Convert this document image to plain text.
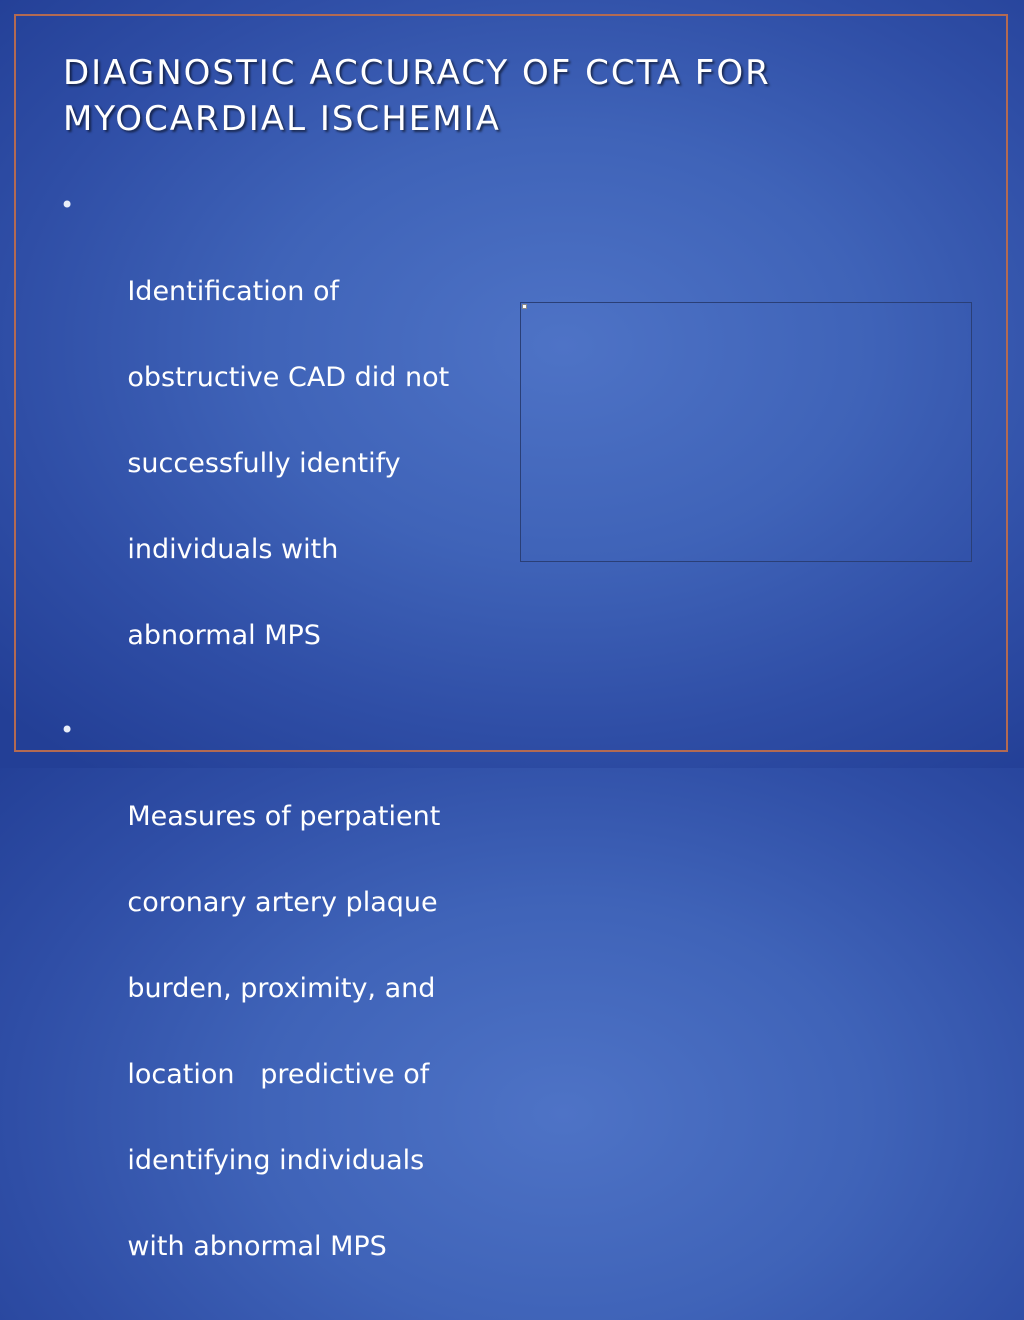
DIAGNOSTIC ACCURACY OF CCTA FOR
MYOCARDIAL ISCHEMIA

•

Identification of

obstructive CAD did not

successfully identify

individuals with

abnormal MPS

•

Measures of perpatient

coronary artery plaque

burden, proximity, and

location   predictive of

identifying individuals

with abnormal MPS
